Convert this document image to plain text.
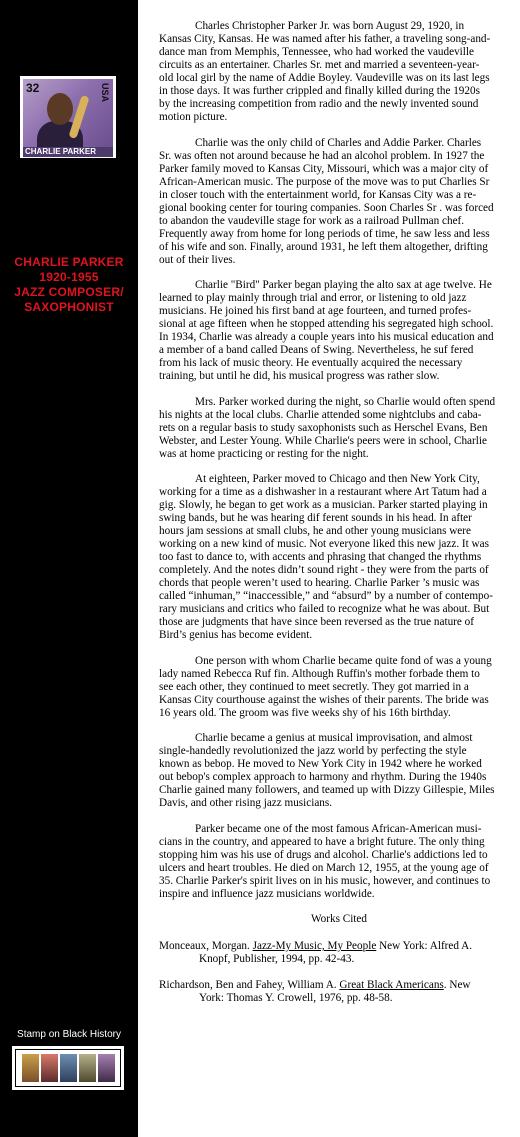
32	USA
CHARLIE PARKER
CHARLIE PARKER
1920-1955
JAZZ COMPOSER/
SAXOPHONIST
Stamp on Black History

Charles Christopher Parker Jr. was born August 29, 1920, in
Kansas City, Kansas. He was named after his father, a traveling song-and-
dance man from Memphis, Tennessee, who had worked the vaudeville
circuits as an entertainer. Charles Sr. met and married a seventeen-year-
old local girl by the name of Addie Boyley. Vaudeville was on its last legs
in those days. It was further crippled and finally killed during the 1920s
by the increasing competition from radio and the newly invented sound
motion picture.

Charlie was the only child of Charles and Addie Parker. Charles
Sr. was often not around because he had an alcohol problem. In 1927 the
Parker family moved to Kansas City, Missouri, which was a major city of
African-American music. The purpose of the move was to put Charlies Sr
in closer touch with the entertainment world, for Kansas City was a re-
gional booking center for touring companies. Soon Charles Sr . was forced
to abandon the vaudeville stage for work as a railroad Pullman chef.
Frequently away from home for long periods of time, he saw less and less
of his wife and son. Finally, around 1931, he left them altogether, drifting
out of their lives.

Charlie "Bird" Parker began playing the alto sax at age twelve. He
learned to play mainly through trial and error, or listening to old jazz
musicians. He joined his first band at age fourteen, and turned profes-
sional at age fifteen when he stopped attending his segregated high school.
In 1934, Charlie was already a couple years into his musical education and
a member of a band called Deans of Swing. Nevertheless, he suf fered
from his lack of music theory. He eventually acquired the necessary
training, but until he did, his musical progress was rather slow.

Mrs. Parker worked during the night, so Charlie would often spend
his nights at the local clubs. Charlie attended some nightclubs and caba-
rets on a regular basis to study saxophonists such as Herschel Evans, Ben
Webster, and Lester Young. While Charlie's peers were in school, Charlie
was at home practicing or resting for the night.

At eighteen, Parker moved to Chicago and then New York City,
working for a time as a dishwasher in a restaurant where Art Tatum had a
gig. Slowly, he began to get work as a musician. Parker started playing in
swing bands, but he was hearing dif ferent sounds in his head. In after
hours jam sessions at small clubs, he and other young musicians were
working on a new kind of music. Not everyone liked this new jazz. It was
too fast to dance to, with accents and phrasing that changed the rhythms
completely. And the notes didn’t sound right - they were from the parts of
chords that people weren’t used to hearing. Charlie Parker ’s music was
called “inhuman,” “inaccessible,” and “absurd” by a number of contempo-
rary musicians and critics who failed to recognize what he was about. But
those are judgments that have since been reversed as the true nature of
Bird’s genius has become evident.

One person with whom Charlie became quite fond of was a young
lady named Rebecca Ruf fin. Although Ruffin's mother forbade them to
see each other, they continued to meet secretly. They got married in a
Kansas City courthouse against the wishes of their parents. The bride was
16 years old. The groom was five weeks shy of his 16th birthday.

Charlie became a genius at musical improvisation, and almost
single-handedly revolutionized the jazz world by perfecting the style
known as bebop. He moved to New York City in 1942 where he worked
out bebop's complex approach to harmony and rhythm. During the 1940s
Charlie gained many followers, and teamed up with Dizzy Gillespie, Miles
Davis, and other rising jazz musicians.

Parker became one of the most famous African-American musi-
cians in the country, and appeared to have a bright future. The only thing
stopping him was his use of drugs and alcohol. Charlie's addictions led to
ulcers and heart troubles. He died on March 12, 1955, at the young age of
35. Charlie Parker's spirit lives on in his music, however, and continues to
inspire and influence jazz musicians worldwide.

Works Cited

Monceaux, Morgan. Jazz-My Music, My People New York: Alfred A.
Knopf, Publisher, 1994, pp. 42-43.

Richardson, Ben and Fahey, William A. Great Black Americans. New
York: Thomas Y. Crowell, 1976, pp. 48-58.
